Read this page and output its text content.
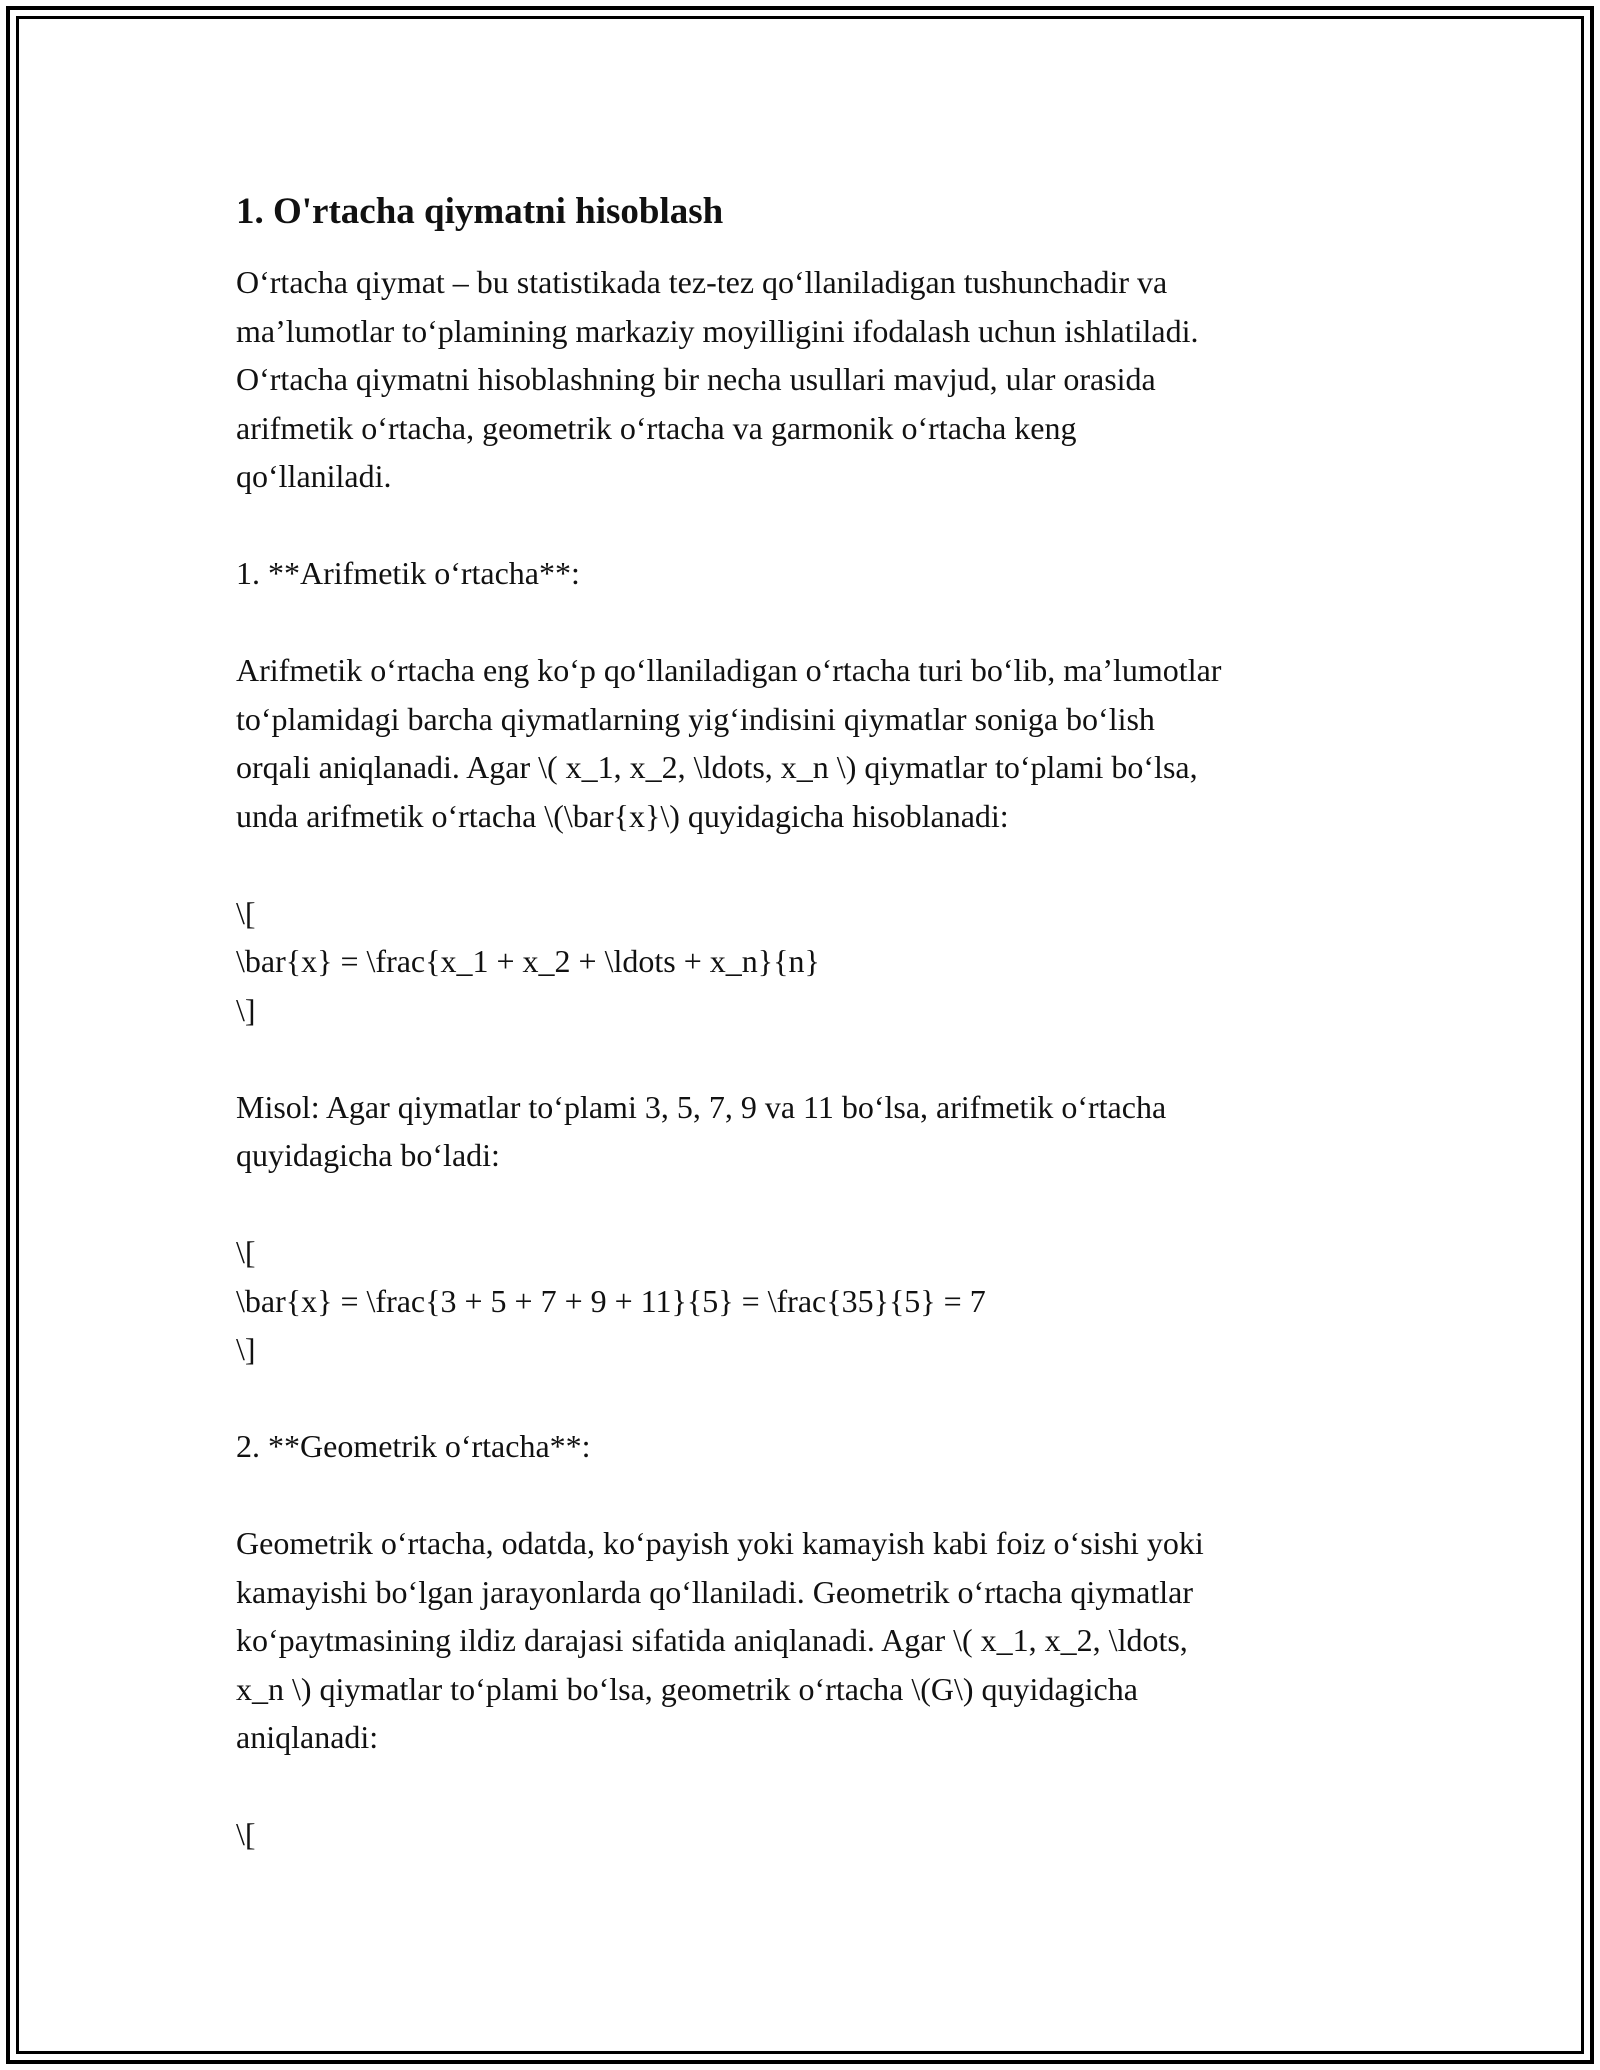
1. O'rtacha qiymatni hisoblash
O‘rtacha qiymat – bu statistikada tez-tez qo‘llaniladigan tushunchadir va
ma’lumotlar to‘plamining markaziy moyilligini ifodalash uchun ishlatiladi.
O‘rtacha qiymatni hisoblashning bir necha usullari mavjud, ular orasida
arifmetik o‘rtacha, geometrik o‘rtacha va garmonik o‘rtacha keng
qo‘llaniladi.
1. **Arifmetik o‘rtacha**:
Arifmetik o‘rtacha eng ko‘p qo‘llaniladigan o‘rtacha turi bo‘lib, ma’lumotlar
to‘plamidagi barcha qiymatlarning yig‘indisini qiymatlar soniga bo‘lish
orqali aniqlanadi. Agar \( x_1, x_2, \ldots, x_n \) qiymatlar to‘plami bo‘lsa,
unda arifmetik o‘rtacha \(\bar{x}\) quyidagicha hisoblanadi:
\[
\bar{x} = \frac{x_1 + x_2 + \ldots + x_n}{n}
\]
Misol: Agar qiymatlar to‘plami 3, 5, 7, 9 va 11 bo‘lsa, arifmetik o‘rtacha
quyidagicha bo‘ladi:
\[
\bar{x} = \frac{3 + 5 + 7 + 9 + 11}{5} = \frac{35}{5} = 7
\]
2. **Geometrik o‘rtacha**:
Geometrik o‘rtacha, odatda, ko‘payish yoki kamayish kabi foiz o‘sishi yoki
kamayishi bo‘lgan jarayonlarda qo‘llaniladi. Geometrik o‘rtacha qiymatlar
ko‘paytmasining ildiz darajasi sifatida aniqlanadi. Agar \( x_1, x_2, \ldots,
x_n \) qiymatlar to‘plami bo‘lsa, geometrik o‘rtacha \(G\) quyidagicha
aniqlanadi:
\[
